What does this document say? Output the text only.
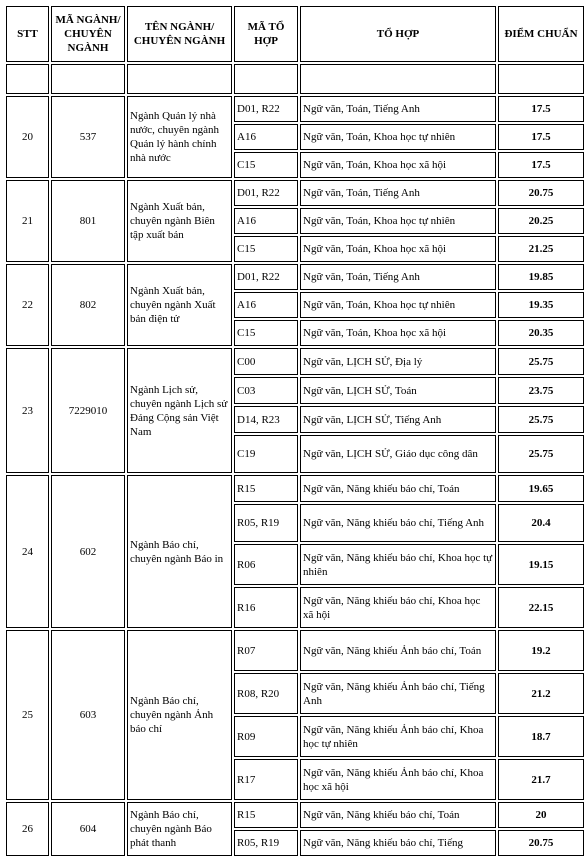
STT	MÃ NGÀNH/ CHUYÊN NGÀNH	TÊN NGÀNH/ CHUYÊN NGÀNH	MÃ TỔ HỢP	TỔ HỢP	ĐIỂM CHUẨN

20	537	Ngành Quản lý nhà nước, chuyên ngành Quản lý hành chính nhà nước	D01, R22	Ngữ văn, Toán, Tiếng Anh	17.5
			A16	Ngữ văn, Toán, Khoa học tự nhiên	17.5
			C15	Ngữ văn, Toán, Khoa học xã hội	17.5
21	801	Ngành Xuất bản, chuyên ngành Biên tập xuất bản	D01, R22	Ngữ văn, Toán, Tiếng Anh	20.75
			A16	Ngữ văn, Toán, Khoa học tự nhiên	20.25
			C15	Ngữ văn, Toán, Khoa học xã hội	21.25
22	802	Ngành Xuất bản, chuyên ngành Xuất bản điện tử	D01, R22	Ngữ văn, Toán, Tiếng Anh	19.85
			A16	Ngữ văn, Toán, Khoa học tự nhiên	19.35
			C15	Ngữ văn, Toán, Khoa học xã hội	20.35
23	7229010	Ngành Lịch sử, chuyên ngành Lịch sử Đảng Cộng sản Việt Nam	C00	Ngữ văn, LỊCH SỬ, Địa lý	25.75
			C03	Ngữ văn, LỊCH SỬ, Toán	23.75
			D14, R23	Ngữ văn, LỊCH SỬ, Tiếng Anh	25.75
			C19	Ngữ văn, LỊCH SỬ, Giáo dục công dân	25.75
24	602	Ngành Báo chí, chuyên ngành Báo in	R15	Ngữ văn, Năng khiếu báo chí, Toán	19.65
			R05, R19	Ngữ văn, Năng khiếu báo chí, Tiếng Anh	20.4
			R06	Ngữ văn, Năng khiếu báo chí, Khoa học tự nhiên	19.15
			R16	Ngữ văn, Năng khiếu báo chí, Khoa học xã hội	22.15
25	603	Ngành Báo chí, chuyên ngành Ảnh báo chí	R07	Ngữ văn, Năng khiếu Ảnh báo chí, Toán	19.2
			R08, R20	Ngữ văn, Năng khiếu Ảnh báo chí, Tiếng Anh	21.2
			R09	Ngữ văn, Năng khiếu Ảnh báo chí, Khoa học tự nhiên	18.7
			R17	Ngữ văn, Năng khiếu Ảnh báo chí, Khoa học xã hội	21.7
26	604	Ngành Báo chí, chuyên ngành Báo phát thanh	R15	Ngữ văn, Năng khiếu báo chí, Toán	20
			R05, R19	Ngữ văn, Năng khiếu báo chí, Tiếng	20.75
